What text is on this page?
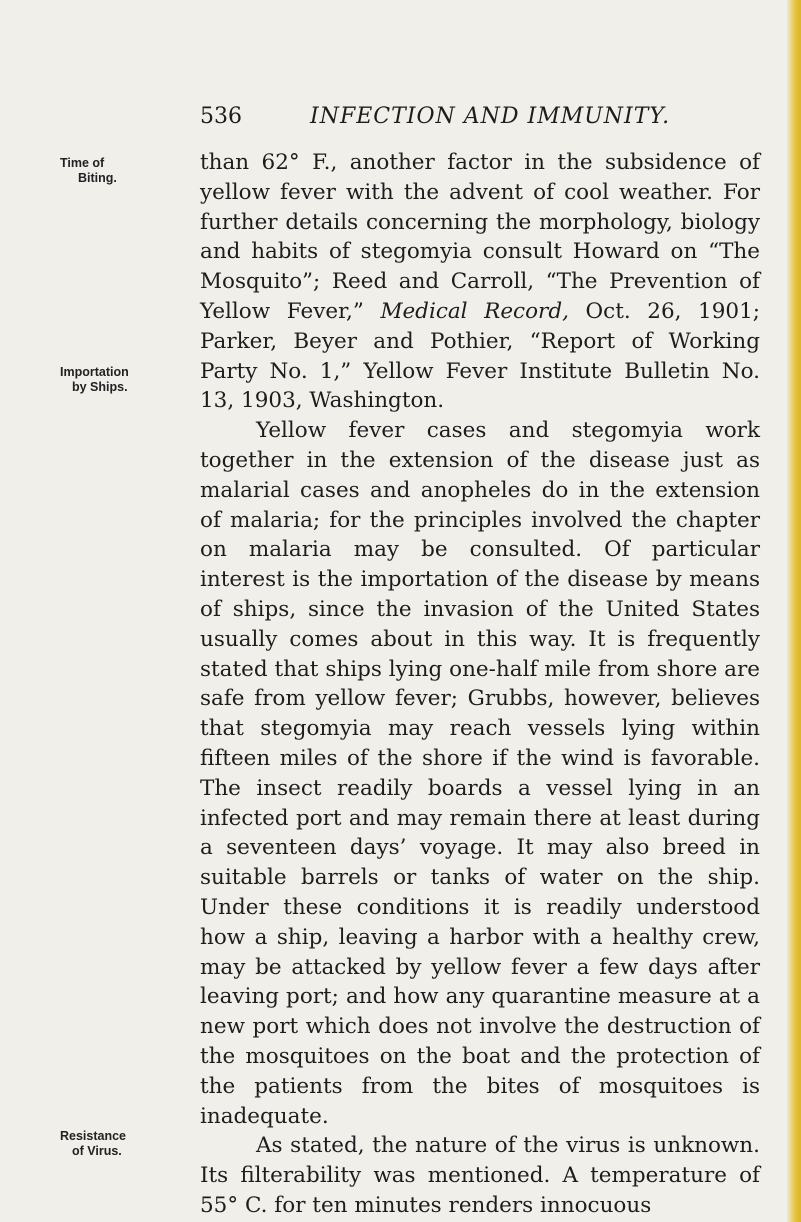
536	INFECTION AND IMMUNITY.
Time of
Biting.
Importation
by Ships.
Resistance
of Virus.

than 62° F., another factor in the subsidence of yellow fever with the advent of cool weather. For further details concerning the morphology, biology and habits of stegomyia consult Howard on “The Mosquito”; Reed and Carroll, “The Prevention of Yellow Fever,” Medical Record, Oct. 26, 1901; Parker, Beyer and Pothier, “Report of Working Party No. 1,” Yellow Fever Institute Bulletin No. 13, 1903, Washington.

Yellow fever cases and stegomyia work together in the extension of the disease just as malarial cases and anopheles do in the extension of malaria; for the principles involved the chapter on malaria may be consulted. Of particular interest is the importation of the disease by means of ships, since the invasion of the United States usually comes about in this way. It is frequently stated that ships lying one-half mile from shore are safe from yellow fever; Grubbs, however, believes that stegomyia may reach vessels lying within fifteen miles of the shore if the wind is favorable. The insect readily boards a vessel lying in an infected port and may remain there at least during a seventeen days’ voyage. It may also breed in suitable barrels or tanks of water on the ship. Under these conditions it is readily understood how a ship, leaving a harbor with a healthy crew, may be attacked by yellow fever a few days after leaving port; and how any quarantine measure at a new port which does not involve the destruction of the mosquitoes on the boat and the protection of the patients from the bites of mosquitoes is inadequate.

As stated, the nature of the virus is unknown. Its filterability was mentioned. A temperature of 55° C. for ten minutes renders innocuous
